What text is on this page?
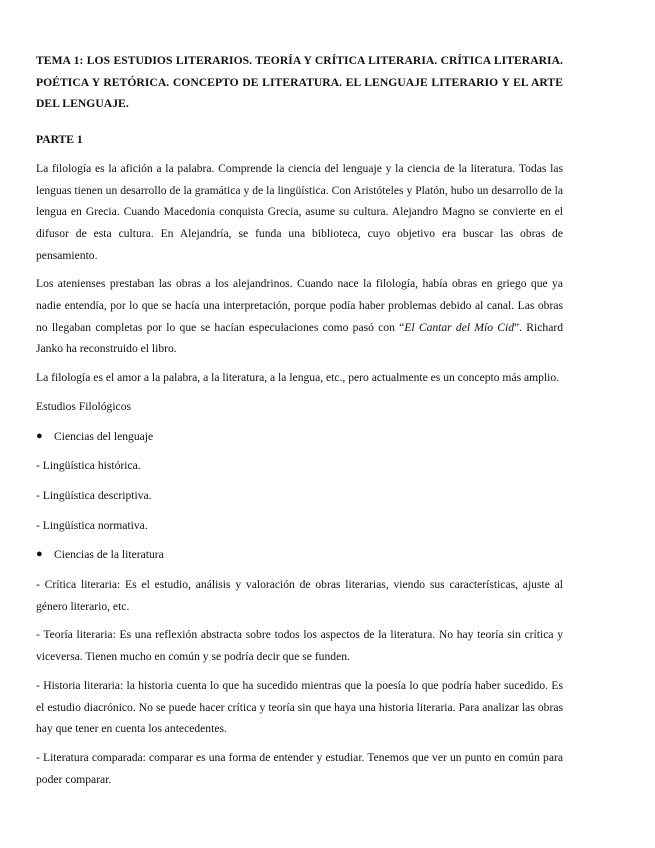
TEMA 1: LOS ESTUDIOS LITERARIOS. TEORÍA Y CRÍTICA LITERARIA. CRÍTICA LITERARIA. POÉTICA Y RETÓRICA. CONCEPTO DE LITERATURA. EL LENGUAJE LITERARIO Y EL ARTE DEL LENGUAJE.
PARTE 1

La filología es la afición a la palabra. Comprende la ciencia del lenguaje y la ciencia de la literatura. Todas las lenguas tienen un desarrollo de la gramática y de la lingüística. Con Aristóteles y Platón, hubo un desarrollo de la lengua en Grecia. Cuando Macedonia conquista Grecia, asume su cultura. Alejandro Magno se convierte en el difusor de esta cultura. En Alejandría, se funda una biblioteca, cuyo objetivo era buscar las obras de pensamiento.

Los atenienses prestaban las obras a los alejandrinos. Cuando nace la filología, había obras en griego que ya nadie entendía, por lo que se hacía una interpretación, porque podía haber problemas debido al canal. Las obras no llegaban completas por lo que se hacían especulaciones como pasó con “El Cantar del Mío Cid”. Richard Janko ha reconstruido el libro.

La filología es el amor a la palabra, a la literatura, a la lengua, etc., pero actualmente es un concepto más amplio.

Estudios Filológicos
● Ciencias del lenguaje
- Lingüística histórica.
- Lingüística descriptiva.
- Lingüística normativa.
● Ciencias de la literatura

- Crítica literaria: Es el estudio, análisis y valoración de obras literarias, viendo sus características, ajuste al género literario, etc.

- Teoría literaria: Es una reflexión abstracta sobre todos los aspectos de la literatura. No hay teoría sin crítica y viceversa. Tienen mucho en común y se podría decir que se funden.

- Historia literaria: la historia cuenta lo que ha sucedido mientras que la poesía lo que podría haber sucedido. Es el estudio diacrónico. No se puede hacer crítica y teoría sin que haya una historia literaria. Para analizar las obras hay que tener en cuenta los antecedentes.

- Literatura comparada: comparar es una forma de entender y estudiar. Tenemos que ver un punto en común para poder comparar.
